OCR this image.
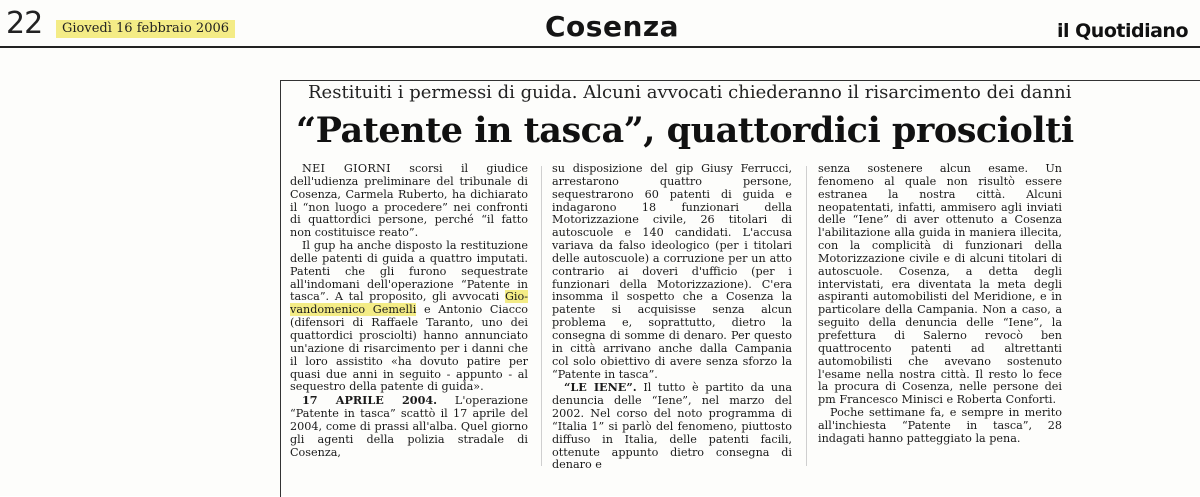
22	Giovedì 16 febbraio 2006	Cosenza	il Quotidiano
Restituiti i permessi di guida. Alcuni avvocati chiederanno il risarcimento dei danni
“Patente in tasca”, quattordici prosciolti

NEI GIORNI scorsi il giudice dell'udienza preliminare del tribunale di Cosenza, Carmela Ruberto, ha dichiarato il “non luogo a procedere” nei confronti di quattordici persone, perché “il fatto non costituisce reato”.

Il gup ha anche disposto la restituzione delle patenti di guida a quattro imputati. Patenti che gli furono sequestrate all'indomani dell'operazione “Patente in tasca”. A tal proposito, gli avvocati Gio-vandomenico Gemelli e Antonio Ciacco (difensori di Raffaele Taranto, uno dei quattordici prosciolti) hanno annunciato un'azione di risarcimento per i danni che il loro assistito «ha dovuto patire per quasi due anni in seguito - appunto - al sequestro della patente di guida».

17 APRILE 2004. L'operazione “Patente in tasca” scattò il 17 aprile del 2004, come di prassi all'alba. Quel giorno gli agenti della polizia stradale di Cosenza,

su disposizione del gip Giusy Ferrucci, arrestarono quattro persone, sequestrarono 60 patenti di guida e indagarono 18 funzionari della Motorizzazione civile, 26 titolari di autoscuole e 140 candidati. L'accusa variava da falso ideologico (per i titolari delle autoscuole) a corruzione per un atto contrario ai doveri d'ufficio (per i funzionari della Motorizzazione). C'era insomma il sospetto che a Cosenza la patente si acquisisse senza alcun problema e, soprattutto, dietro la consegna di somme di denaro. Per questo in città arrivano anche dalla Campania col solo obiettivo di avere senza sforzo la “Patente in tasca”.

“LE IENE”. Il tutto è partito da una denuncia delle “Iene”, nel marzo del 2002. Nel corso del noto programma di “Italia 1” si parlò del fenomeno, piuttosto diffuso in Italia, delle patenti facili, ottenute appunto dietro consegna di denaro e

senza sostenere alcun esame. Un fenomeno al quale non risultò essere estranea la nostra città. Alcuni neopatentati, infatti, ammisero agli inviati delle “Iene” di aver ottenuto a Cosenza l'abilitazione alla guida in maniera illecita, con la complicità di funzionari della Motorizzazione civile e di alcuni titolari di autoscuole. Cosenza, a detta degli intervistati, era diventata la meta degli aspiranti automobilisti del Meridione, e in particolare della Campania. Non a caso, a seguito della denuncia delle “Iene”, la prefettura di Salerno revocò ben quattrocento patenti ad altrettanti automobilisti che avevano sostenuto l'esame nella nostra città. Il resto lo fece la procura di Cosenza, nelle persone dei pm Francesco Minisci e Roberta Conforti.

Poche settimane fa, e sempre in merito all'inchiesta “Patente in tasca”, 28 indagati hanno patteggiato la pena.
